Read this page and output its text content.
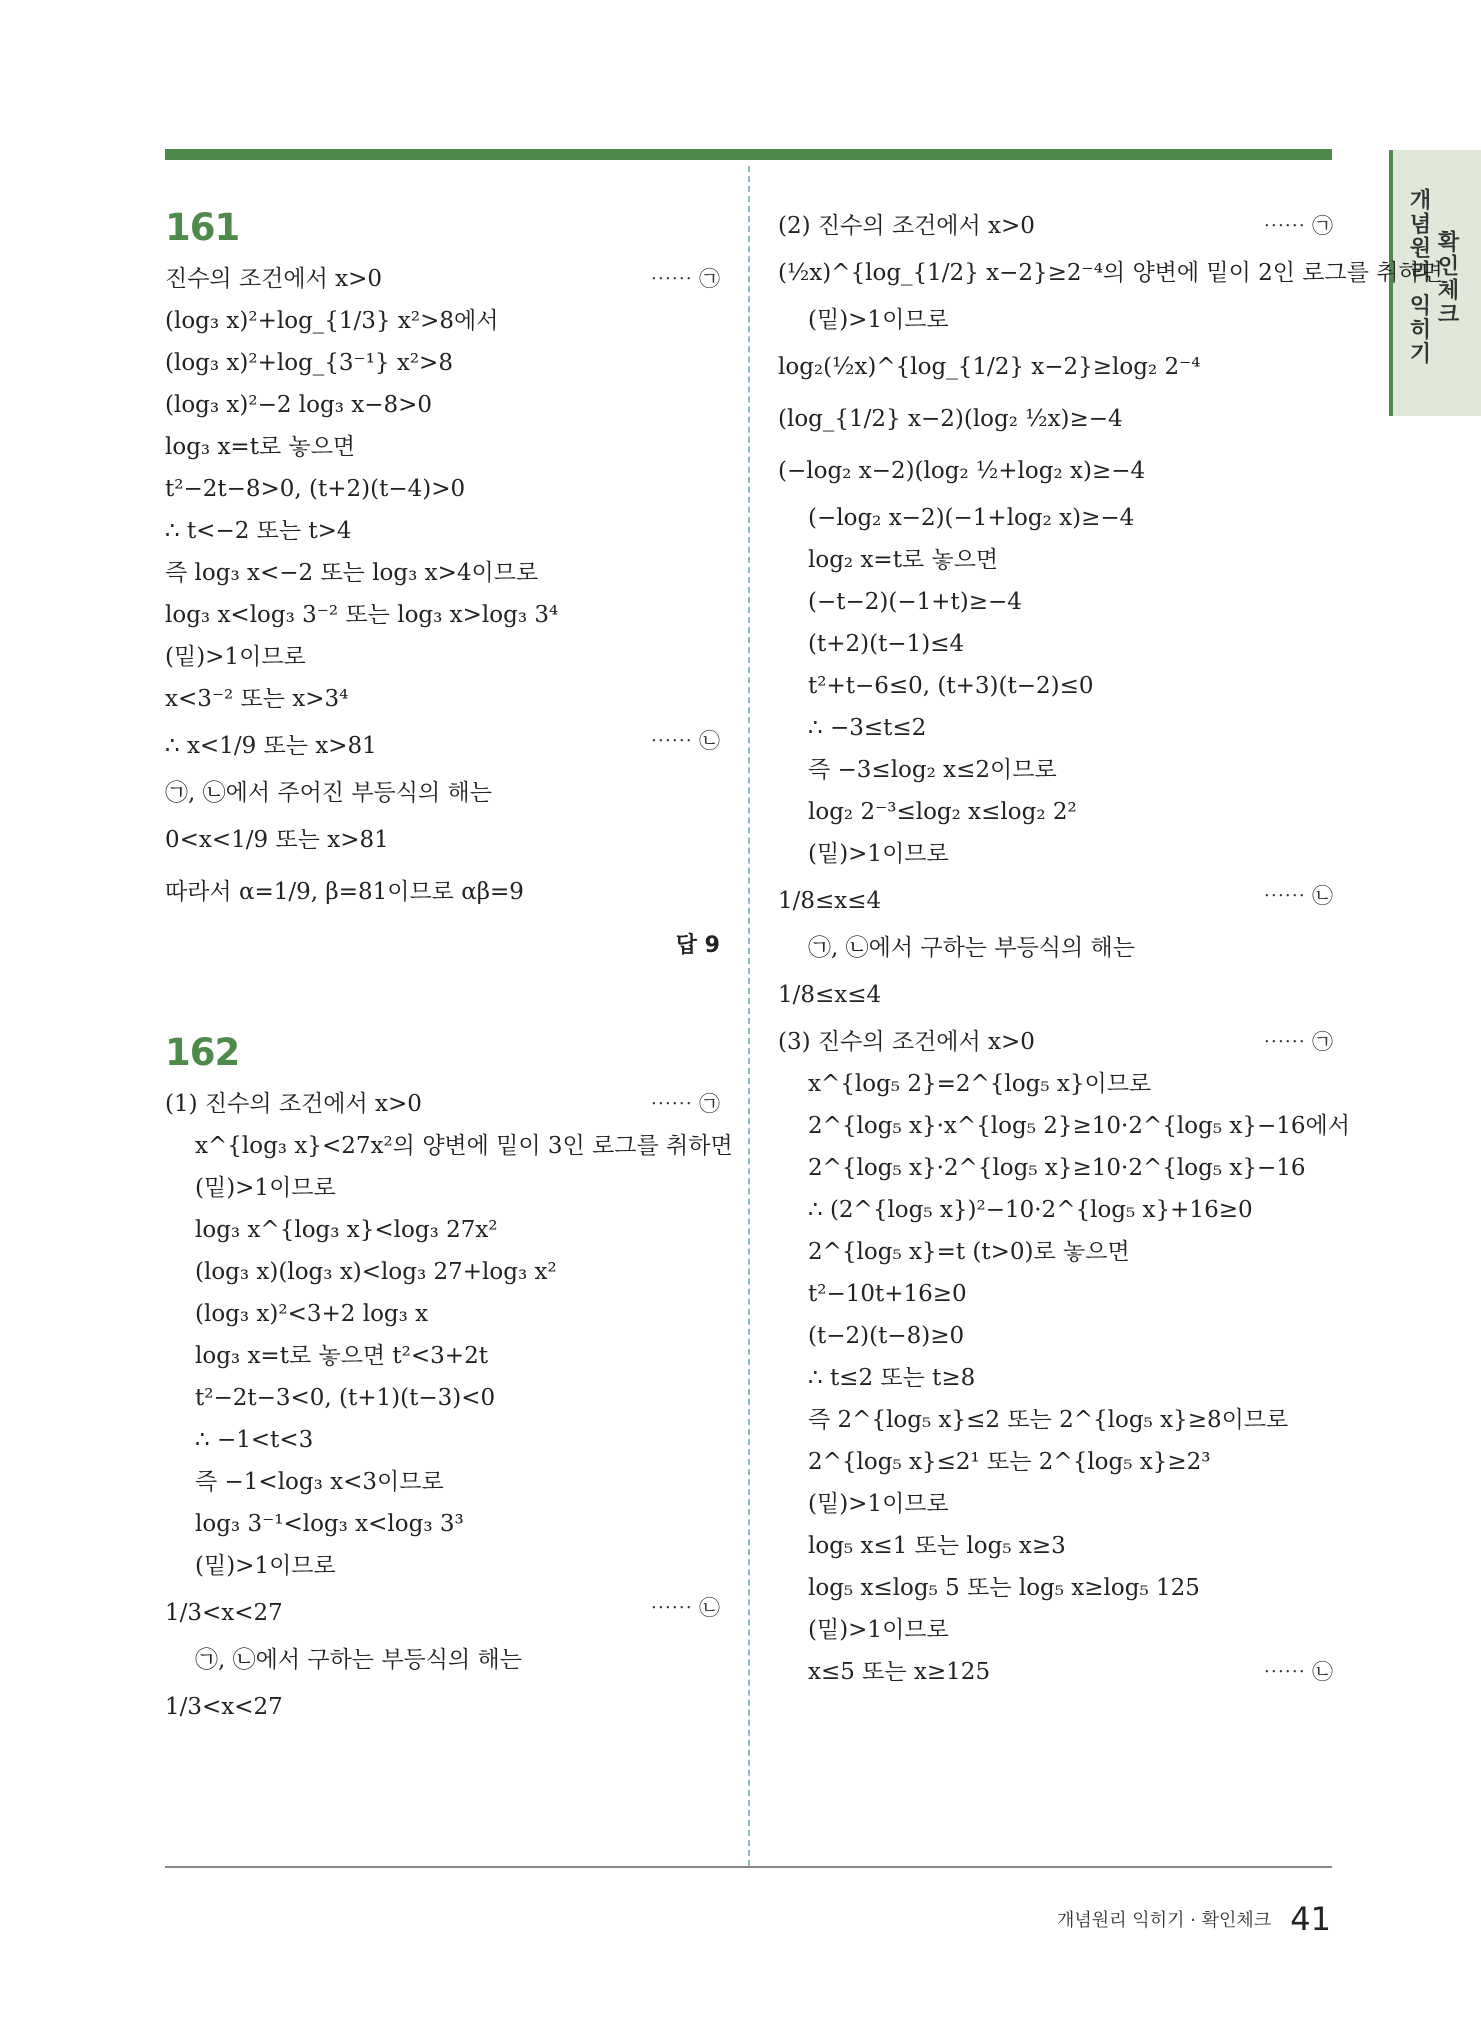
개념원리 익히기 확인체크
161
진수의 조건에서 x>0	⋯⋯ ㉠
(log₃ x)²+log_{1/3} x²>8에서
(log₃ x)²+log_{3⁻¹} x²>8
(log₃ x)²−2 log₃ x−8>0
log₃ x=t로 놓으면
t²−2t−8>0, (t+2)(t−4)>0
∴ t<−2 또는 t>4
즉 log₃ x<−2 또는 log₃ x>4이므로
log₃ x<log₃ 3⁻² 또는 log₃ x>log₃ 3⁴
(밑)>1이므로
x<3⁻² 또는 x>3⁴
∴ x<1/9 또는 x>81	⋯⋯ ㉡
㉠, ㉡에서 주어진 부등식의 해는
0<x<1/9 또는 x>81
따라서 α=1/9, β=81이므로 αβ=9
답 9
162
(1) 진수의 조건에서 x>0	⋯⋯ ㉠
x^{log₃ x}<27x²의 양변에 밑이 3인 로그를 취하면
(밑)>1이므로
log₃ x^{log₃ x}<log₃ 27x²
(log₃ x)(log₃ x)<log₃ 27+log₃ x²
(log₃ x)²<3+2 log₃ x
log₃ x=t로 놓으면 t²<3+2t
t²−2t−3<0, (t+1)(t−3)<0
∴ −1<t<3
즉 −1<log₃ x<3이므로
log₃ 3⁻¹<log₃ x<log₃ 3³
(밑)>1이므로
1/3<x<27	⋯⋯ ㉡
㉠, ㉡에서 구하는 부등식의 해는
1/3<x<27
(2) 진수의 조건에서 x>0	⋯⋯ ㉠
(½x)^{log_{1/2} x−2}≥2⁻⁴의 양변에 밑이 2인 로그를 취하면
(밑)>1이므로
log₂(½x)^{log_{1/2} x−2}≥log₂ 2⁻⁴
(log_{1/2} x−2)(log₂ ½x)≥−4
(−log₂ x−2)(log₂ ½+log₂ x)≥−4
(−log₂ x−2)(−1+log₂ x)≥−4
log₂ x=t로 놓으면
(−t−2)(−1+t)≥−4
(t+2)(t−1)≤4
t²+t−6≤0, (t+3)(t−2)≤0
∴ −3≤t≤2
즉 −3≤log₂ x≤2이므로
log₂ 2⁻³≤log₂ x≤log₂ 2²
(밑)>1이므로
1/8≤x≤4	⋯⋯ ㉡
㉠, ㉡에서 구하는 부등식의 해는
1/8≤x≤4
(3) 진수의 조건에서 x>0	⋯⋯ ㉠
x^{log₅ 2}=2^{log₅ x}이므로
2^{log₅ x}·x^{log₅ 2}≥10·2^{log₅ x}−16에서
2^{log₅ x}·2^{log₅ x}≥10·2^{log₅ x}−16
∴ (2^{log₅ x})²−10·2^{log₅ x}+16≥0
2^{log₅ x}=t (t>0)로 놓으면
t²−10t+16≥0
(t−2)(t−8)≥0
∴ t≤2 또는 t≥8
즉 2^{log₅ x}≤2 또는 2^{log₅ x}≥8이므로
2^{log₅ x}≤2¹ 또는 2^{log₅ x}≥2³
(밑)>1이므로
log₅ x≤1 또는 log₅ x≥3
log₅ x≤log₅ 5 또는 log₅ x≥log₅ 125
(밑)>1이므로
x≤5 또는 x≥125	⋯⋯ ㉡
개념원리 익히기 · 확인체크 41
